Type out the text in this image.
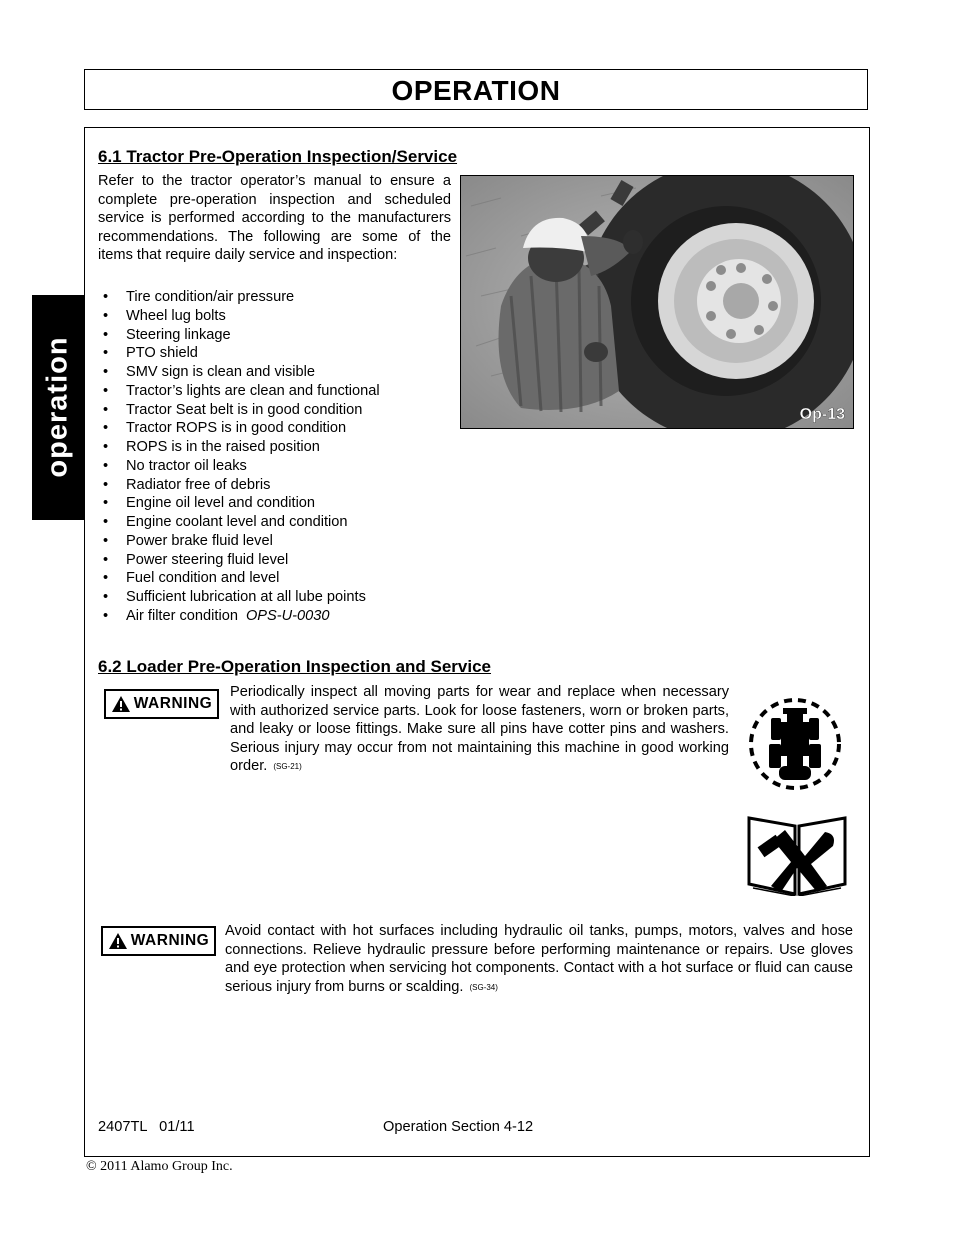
OPERATION
operation
6.1 Tractor Pre-Operation Inspection/Service
Refer to the tractor operator’s manual to ensure a complete pre-operation inspection and scheduled service is performed according to the manufacturers recommendations. The following are some of the items that require daily service and inspection:
• Tire condition/air pressure
• Wheel lug bolts
• Steering linkage
• PTO shield
• SMV sign is clean and visible
• Tractor’s lights are clean and functional
• Tractor Seat belt is in good condition
• Tractor ROPS is in good condition
• ROPS is in the raised position
• No tractor oil leaks
• Radiator free of debris
• Engine oil level and condition
• Engine coolant level and condition
• Power brake fluid level
• Power steering fluid level
• Fuel condition and level
• Sufficient lubrication at all lube points
• Air filter condition OPS-U-0030
Op-13
6.2 Loader Pre-Operation Inspection and Service
WARNING
Periodically inspect all moving parts for wear and replace when necessary with authorized service parts. Look for loose fasteners, worn or broken parts, and leaky or loose fittings. Make sure all pins have cotter pins and washers. Serious injury may occur from not maintaining this machine in good working order. (SG-21)
WARNING
Avoid contact with hot surfaces including hydraulic oil tanks, pumps, motors, valves and hose connections. Relieve hydraulic pressure before performing maintenance or repairs. Use gloves and eye protection when servicing hot components. Contact with a hot surface or fluid can cause serious injury from burns or scalding. (SG-34)
2407TL 01/11	Operation Section 4-12
© 2011 Alamo Group Inc.
